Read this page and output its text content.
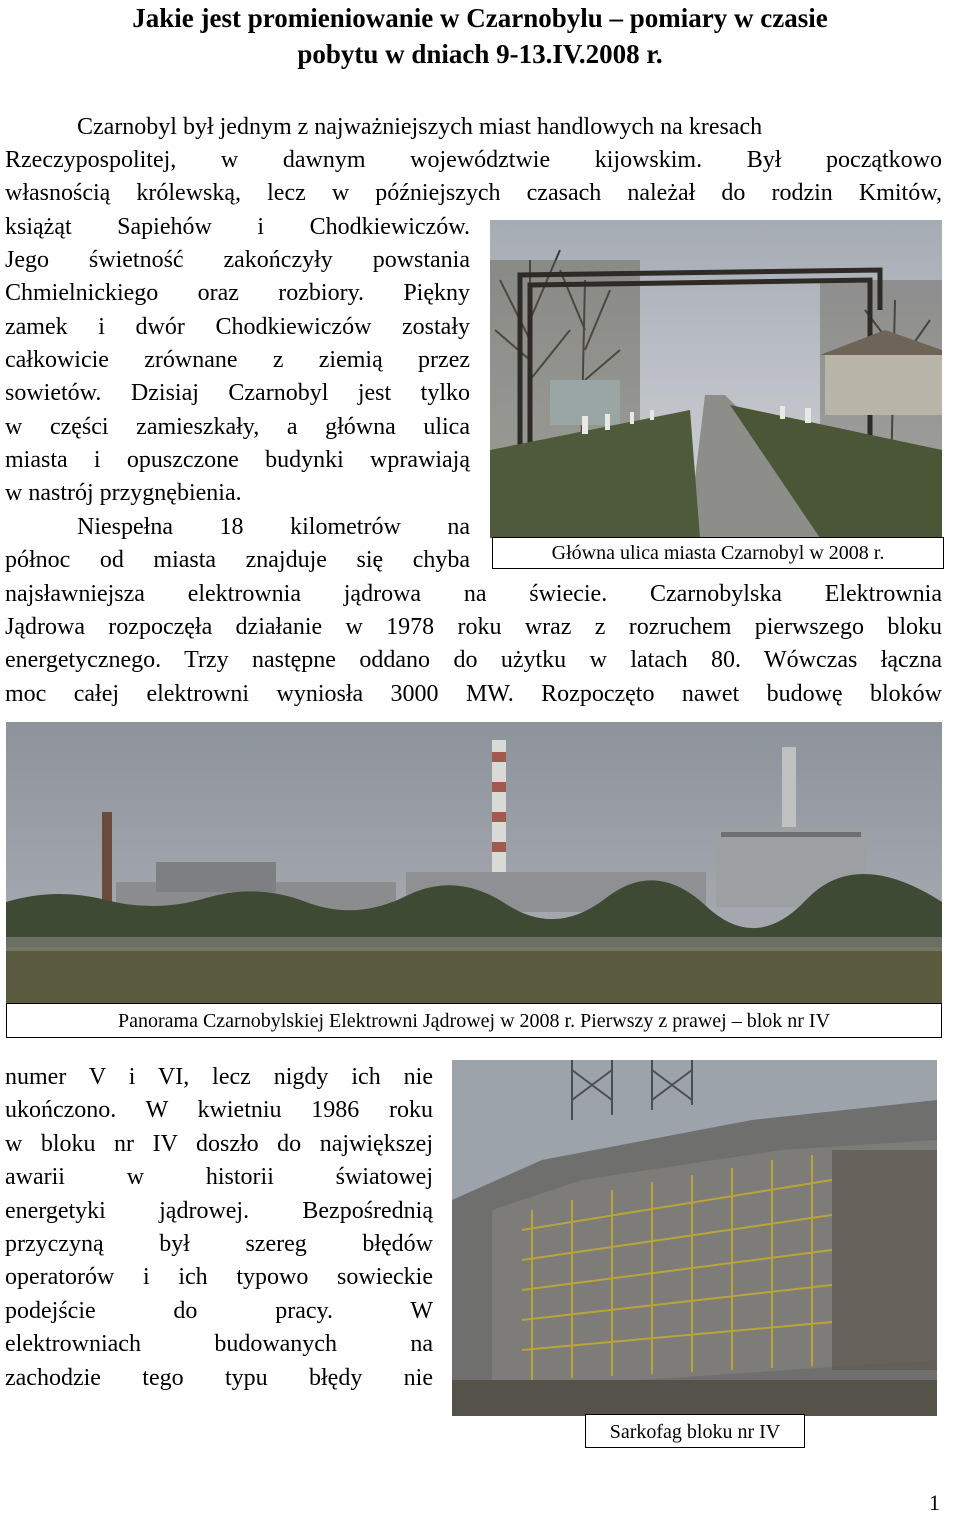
Jakie jest promieniowanie w Czarnobylu – pomiary w czasie
pobytu w dniach 9-13.IV.2008 r.
Czarnobyl był jednym z najważniejszych miast handlowych na kresach
Rzeczypospolitej, w dawnym województwie kijowskim. Był początkowo
własnością królewską, lecz w późniejszych czasach należał do rodzin Kmitów,
książąt Sapiehów i Chodkiewiczów.
Jego świetność zakończyły powstania
Chmielnickiego oraz rozbiory. Piękny
zamek i dwór Chodkiewiczów zostały
całkowicie zrównane z ziemią przez
sowietów. Dzisiaj Czarnobyl jest tylko
w części zamieszkały, a główna ulica
miasta i opuszczone budynki wprawiają
w nastrój przygnębienia.
Niespełna 18 kilometrów na
północ od miasta znajduje się chyba
najsławniejsza elektrownia jądrowa na świecie. Czarnobylska Elektrownia
Jądrowa rozpoczęła działanie w 1978 roku wraz z rozruchem pierwszego bloku
energetycznego. Trzy następne oddano do użytku w latach 80. Wówczas łączna
moc całej elektrowni wyniosła 3000 MW. Rozpoczęto nawet budowę bloków
Główna ulica miasta Czarnobyl w 2008 r.
Panorama Czarnobylskiej Elektrowni Jądrowej w 2008 r. Pierwszy z prawej – blok nr IV
numer V i VI, lecz nigdy ich nie
ukończono. W kwietniu 1986 roku
w bloku nr IV doszło do największej
awarii w historii światowej
energetyki jądrowej. Bezpośrednią
przyczyną był szereg błędów
operatorów i ich typowo sowieckie
podejście do pracy. W
elektrowniach budowanych na
zachodzie tego typu błędy nie
Sarkofag bloku nr IV
1
